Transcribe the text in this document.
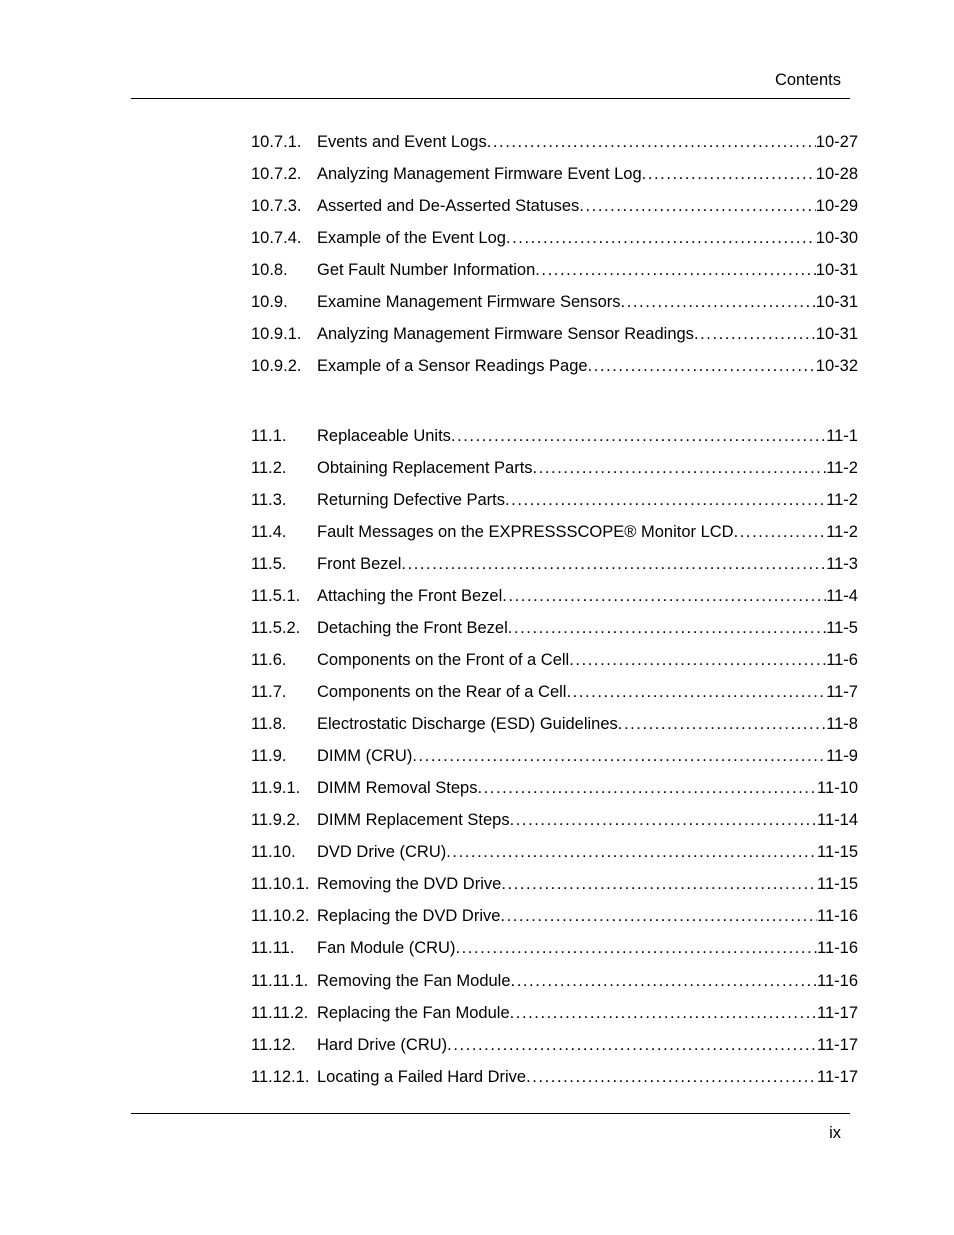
Contents
10.7.1. Events and Event Logs . . .	10-27
10.7.2. Analyzing Management Firmware Event Log . . .	10-28
10.7.3. Asserted and De-Asserted Statuses . . .	10-29
10.7.4. Example of the Event Log . . .	10-30
10.8.	Get Fault Number Information . . .	10-31
10.9.	Examine Management Firmware Sensors . . .	10-31
10.9.1. Analyzing Management Firmware Sensor Readings . . .	10-31
10.9.2. Example of a Sensor Readings Page . . .	10-32
11.1.	Replaceable Units . . .	11-1
11.2.	Obtaining Replacement Parts . . .	11-2
11.3.	Returning Defective Parts . . .	11-2
11.4.	Fault Messages on the EXPRESSSCOPE® Monitor LCD . . .	11-2
11.5.	Front Bezel . . .	11-3
11.5.1.	Attaching the Front Bezel . . .	11-4
11.5.2.	Detaching the Front Bezel . . .	11-5
11.6.	Components on the Front of a Cell . . .	11-6
11.7.	Components on the Rear of a Cell . . .	11-7
11.8.	Electrostatic Discharge (ESD) Guidelines . . .	11-8
11.9.	DIMM (CRU) . . .	11-9
11.9.1.	DIMM Removal Steps . . .	11-10
11.9.2.	DIMM Replacement Steps . . .	11-14
11.10.	DVD Drive (CRU) . . .	11-15
11.10.1. Removing the DVD Drive . . .	11-15
11.10.2. Replacing the DVD Drive . . .	11-16
11.11.	Fan Module (CRU) . . .	11-16
11.11.1. Removing the Fan Module . . .	11-16
11.11.2. Replacing the Fan Module . . .	11-17
11.12.	Hard Drive (CRU) . . .	11-17
11.12.1. Locating a Failed Hard Drive . . .	11-17
ix
